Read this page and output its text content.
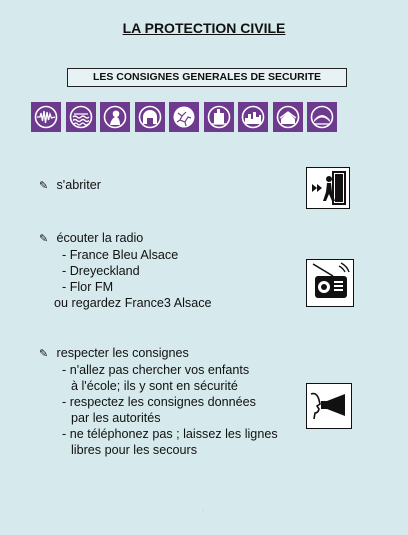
LA PROTECTION CIVILE
LES CONSIGNES GENERALES DE SECURITE
✎ s'abriter
✎ écouter la radio
- France Bleu Alsace
- Dreyeckland
- Flor FM
ou regardez France3 Alsace
✎ respecter les consignes
- n'allez pas chercher vos enfants
à l'école; ils y sont en sécurité
- respectez les consignes données
par les autorités
- ne téléphonez pas ; laissez les lignes
libres pour les secours
·
